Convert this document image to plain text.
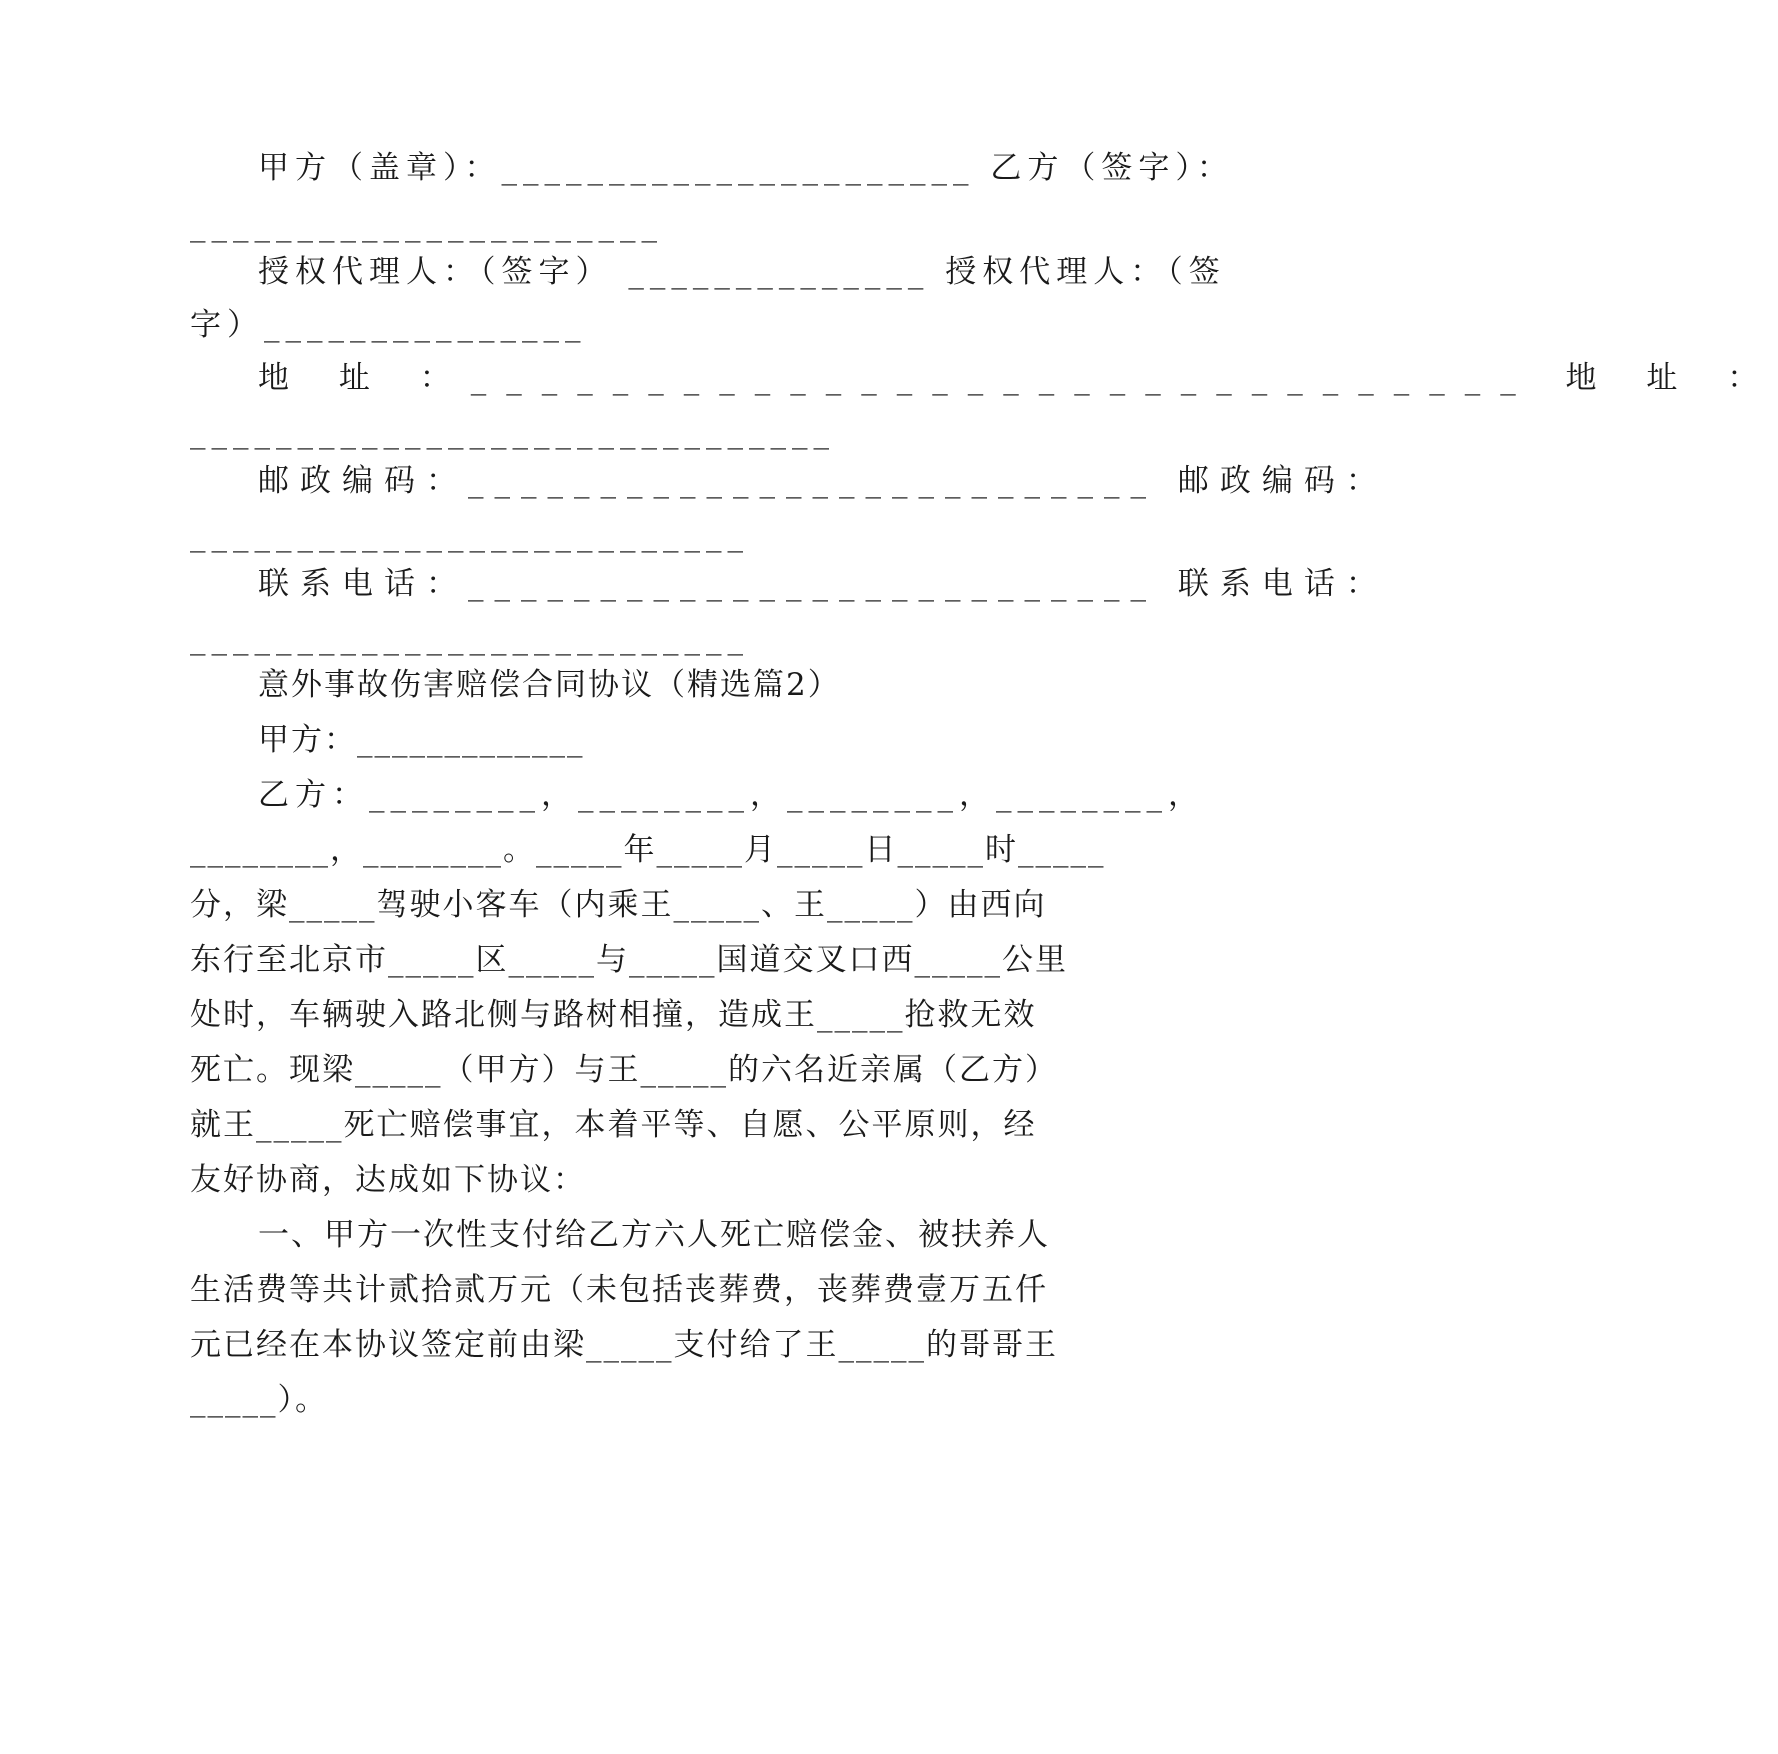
甲方（盖章）：______________________ 乙方（签字）：
______________________
授权代理人：（签字） ______________ 授权代理人：（签
字）_______________
地 址 ：______________________________ 地 址 ：
______________________________
邮政编码：__________________________ 邮政编码：
__________________________
联系电话：__________________________ 联系电话：
__________________________
意外事故伤害赔偿合同协议（精选篇2）
甲方：_____________
乙方：________，________，________，________，
________，________。_____年_____月_____日_____时_____
分，梁_____驾驶小客车（内乘王_____、王_____）由西向
东行至北京市_____区_____与_____国道交叉口西_____公里
处时，车辆驶入路北侧与路树相撞，造成王_____抢救无效
死亡。现梁_____（甲方）与王_____的六名近亲属（乙方）
就王_____死亡赔偿事宜，本着平等、自愿、公平原则，经
友好协商，达成如下协议：
一、甲方一次性支付给乙方六人死亡赔偿金、被扶养人
生活费等共计贰拾贰万元（未包括丧葬费，丧葬费壹万五仟
元已经在本协议签定前由梁_____支付给了王_____的哥哥王
_____）。
